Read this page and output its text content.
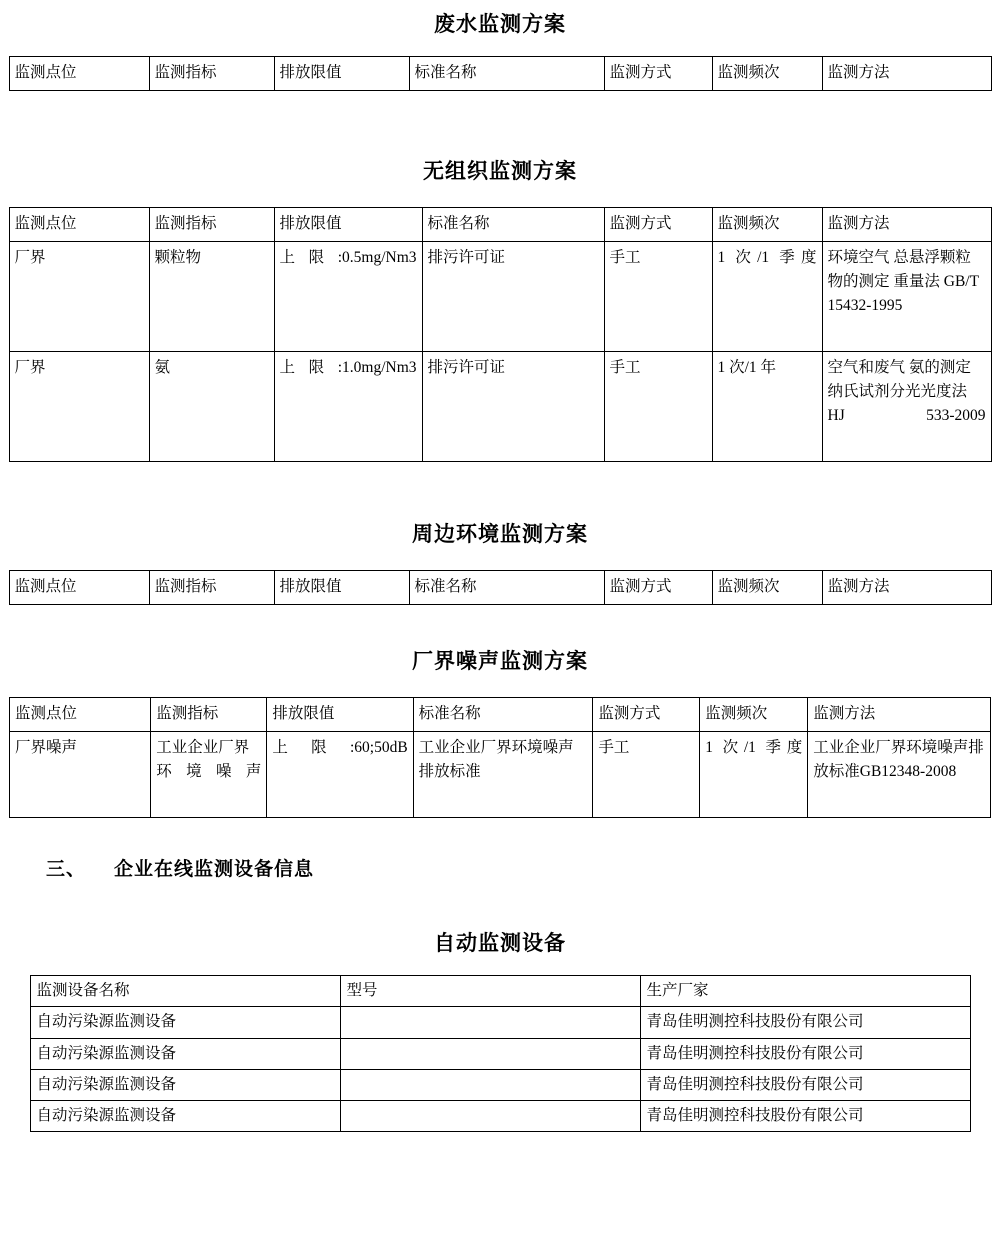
废水监测方案
监测点位	监测指标	排放限值	标准名称	监测方式	监测频次	监测方法
无组织监测方案
监测点位	监测指标	排放限值	标准名称	监测方式	监测频次	监测方法
厂界	颗粒物	上限:0.5mg/Nm3	排污许可证	手工	1 次/1 季度	环境空气 总悬浮颗粒物的测定 重量法 GB/T 15432-1995
厂界	氨	上限:1.0mg/Nm3	排污许可证	手工	1 次/1 年	空气和废气 氨的测定 纳氏试剂分光光度法 HJ 533-2009
周边环境监测方案
监测点位	监测指标	排放限值	标准名称	监测方式	监测频次	监测方法
厂界噪声监测方案
监测点位	监测指标	排放限值	标准名称	监测方式	监测频次	监测方法
厂界噪声	工业企业厂界环境噪声	上限:60;50dB	工业企业厂界环境噪声排放标准	手工	1 次/1 季度	工业企业厂界环境噪声排放标准GB12348-2008
三、 企业在线监测设备信息
自动监测设备
监测设备名称	型号	生产厂家
自动污染源监测设备		青岛佳明测控科技股份有限公司
自动污染源监测设备		青岛佳明测控科技股份有限公司
自动污染源监测设备		青岛佳明测控科技股份有限公司
自动污染源监测设备		青岛佳明测控科技股份有限公司
